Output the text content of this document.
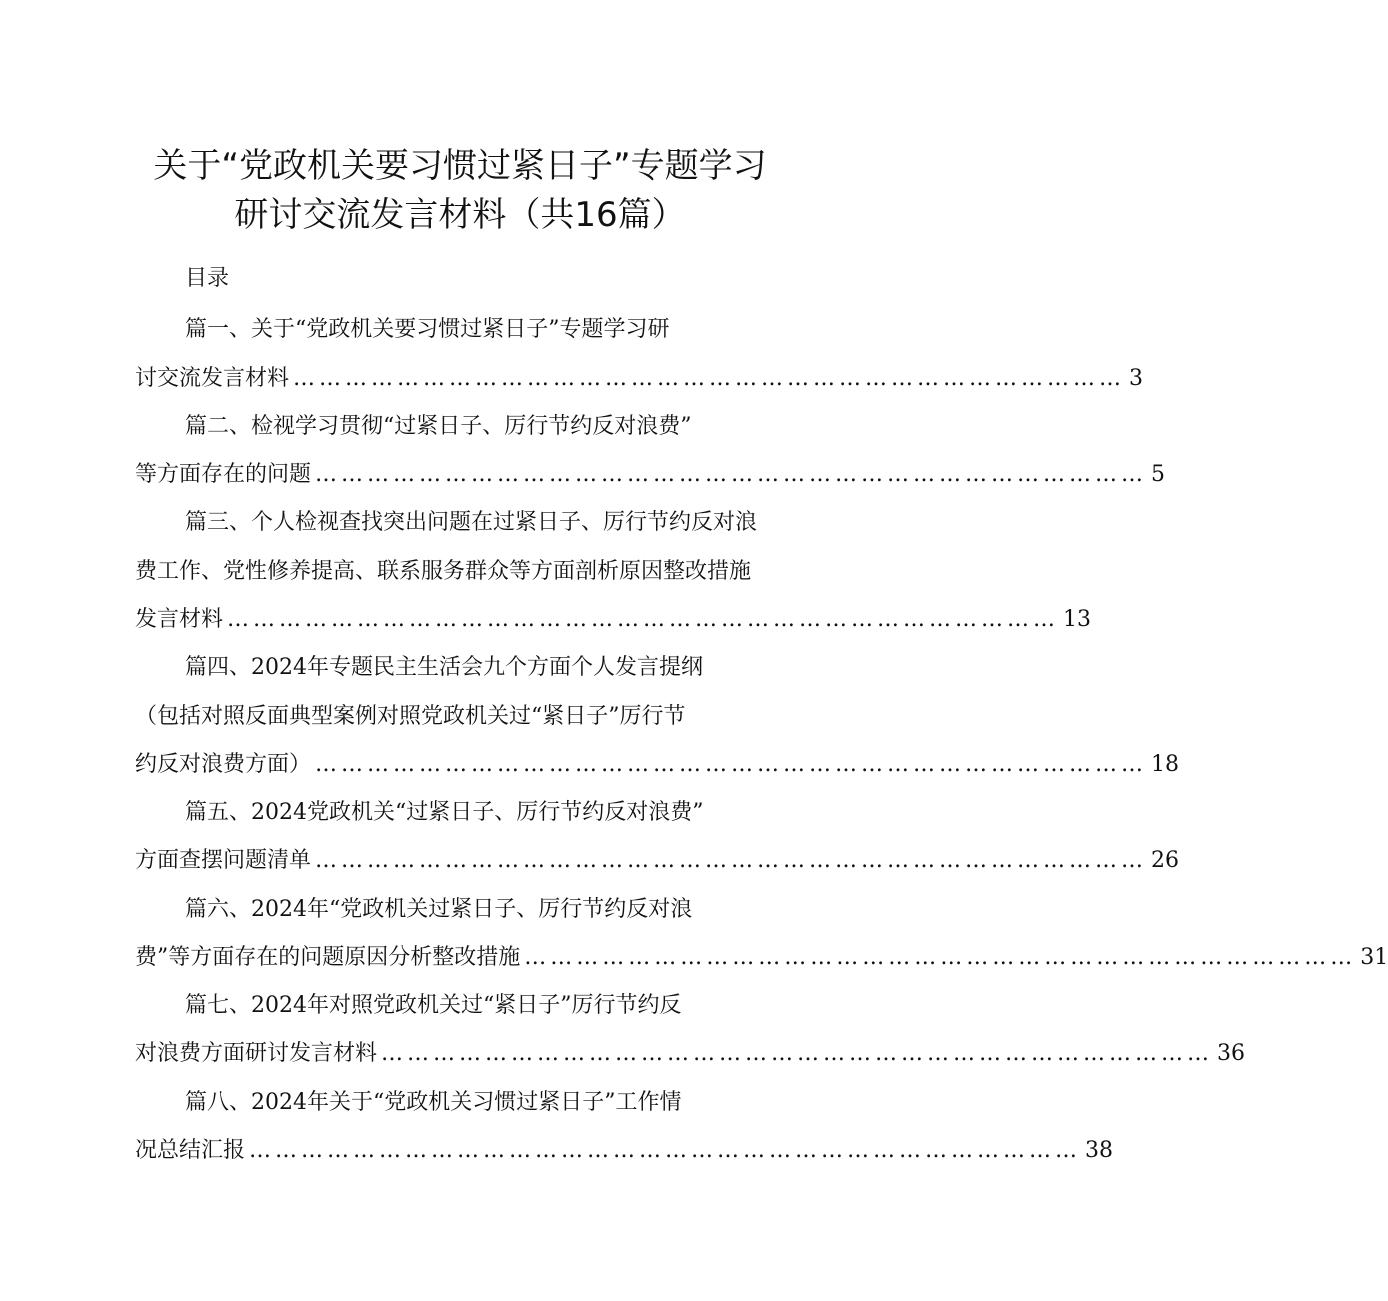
关于“党政机关要习惯过紧日子”专题学习
研讨交流发言材料（共16篇）
目录
篇一、关于“党政机关要习惯过紧日子”专题学习研
讨交流发言材料 …………………………………………………………………………………… 3
篇二、检视学习贯彻“过紧日子、厉行节约反对浪费”
等方面存在的问题 …………………………………………………………………………………… 5
篇三、个人检视查找突出问题在过紧日子、厉行节约反对浪
费工作、党性修养提高、联系服务群众等方面剖析原因整改措施
发言材料 …………………………………………………………………………………… 13
篇四、2024年专题民主生活会九个方面个人发言提纲
（包括对照反面典型案例对照党政机关过“紧日子”厉行节
约反对浪费方面） …………………………………………………………………………………… 18
篇五、2024党政机关“过紧日子、厉行节约反对浪费”
方面查摆问题清单 …………………………………………………………………………………… 26
篇六、2024年“党政机关过紧日子、厉行节约反对浪
费”等方面存在的问题原因分析整改措施 …………………………………………………………………………………… 31
篇七、2024年对照党政机关过“紧日子”厉行节约反
对浪费方面研讨发言材料 …………………………………………………………………………………… 36
篇八、2024年关于“党政机关习惯过紧日子”工作情
况总结汇报 …………………………………………………………………………………… 38
